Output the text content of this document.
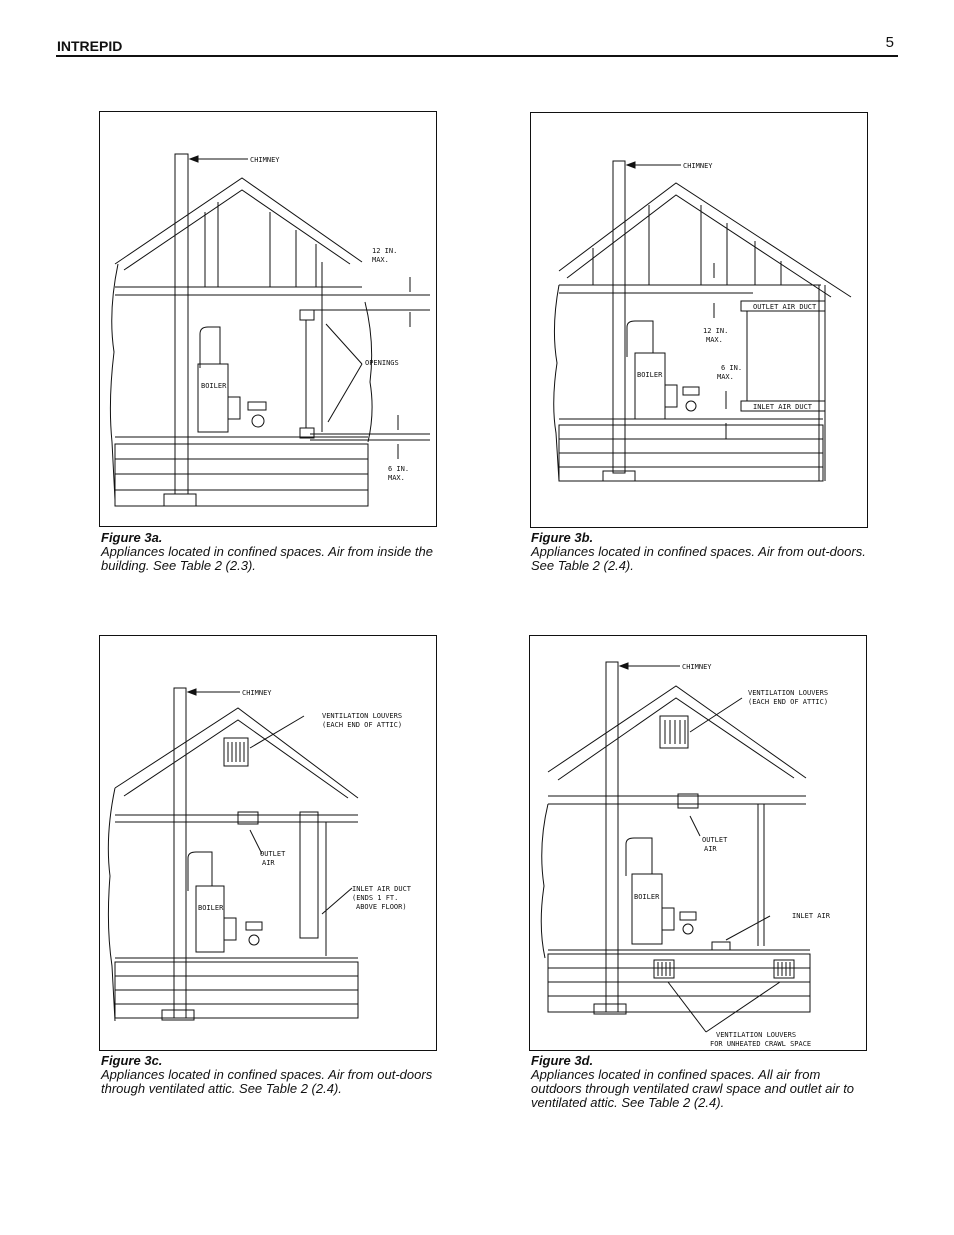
INTREPID	5
CHIMNEY
OPENINGS
12 IN.
MAX.
6 IN.
MAX.
BOILER
Figure 3a.
Appliances located in confined spaces. Air from inside the building. See Table 2 (2.3).
CHIMNEY
OUTLET AIR DUCT
INLET AIR DUCT
12 IN.
MAX.
6 IN.
MAX.
BOILER
Figure 3b.
Appliances located in confined spaces. Air from out-doors. See Table 2 (2.4).
VENTILATION LOUVERS
(EACH END OF ATTIC)
CHIMNEY
OUTLET
AIR
INLET AIR DUCT
(ENDS 1 FT.
ABOVE FLOOR)
BOILER
Figure 3c.
Appliances located in confined spaces. Air from out-doors through ventilated attic. See Table 2 (2.4).
VENTILATION LOUVERS
(EACH END OF ATTIC)
CHIMNEY
OUTLET
AIR
INLET AIR
BOILER
VENTILATION LOUVERS
FOR UNHEATED CRAWL SPACE
Figure 3d.
Appliances located in confined spaces. All air from outdoors through ventilated crawl space and outlet air to ventilated attic. See Table 2 (2.4).
